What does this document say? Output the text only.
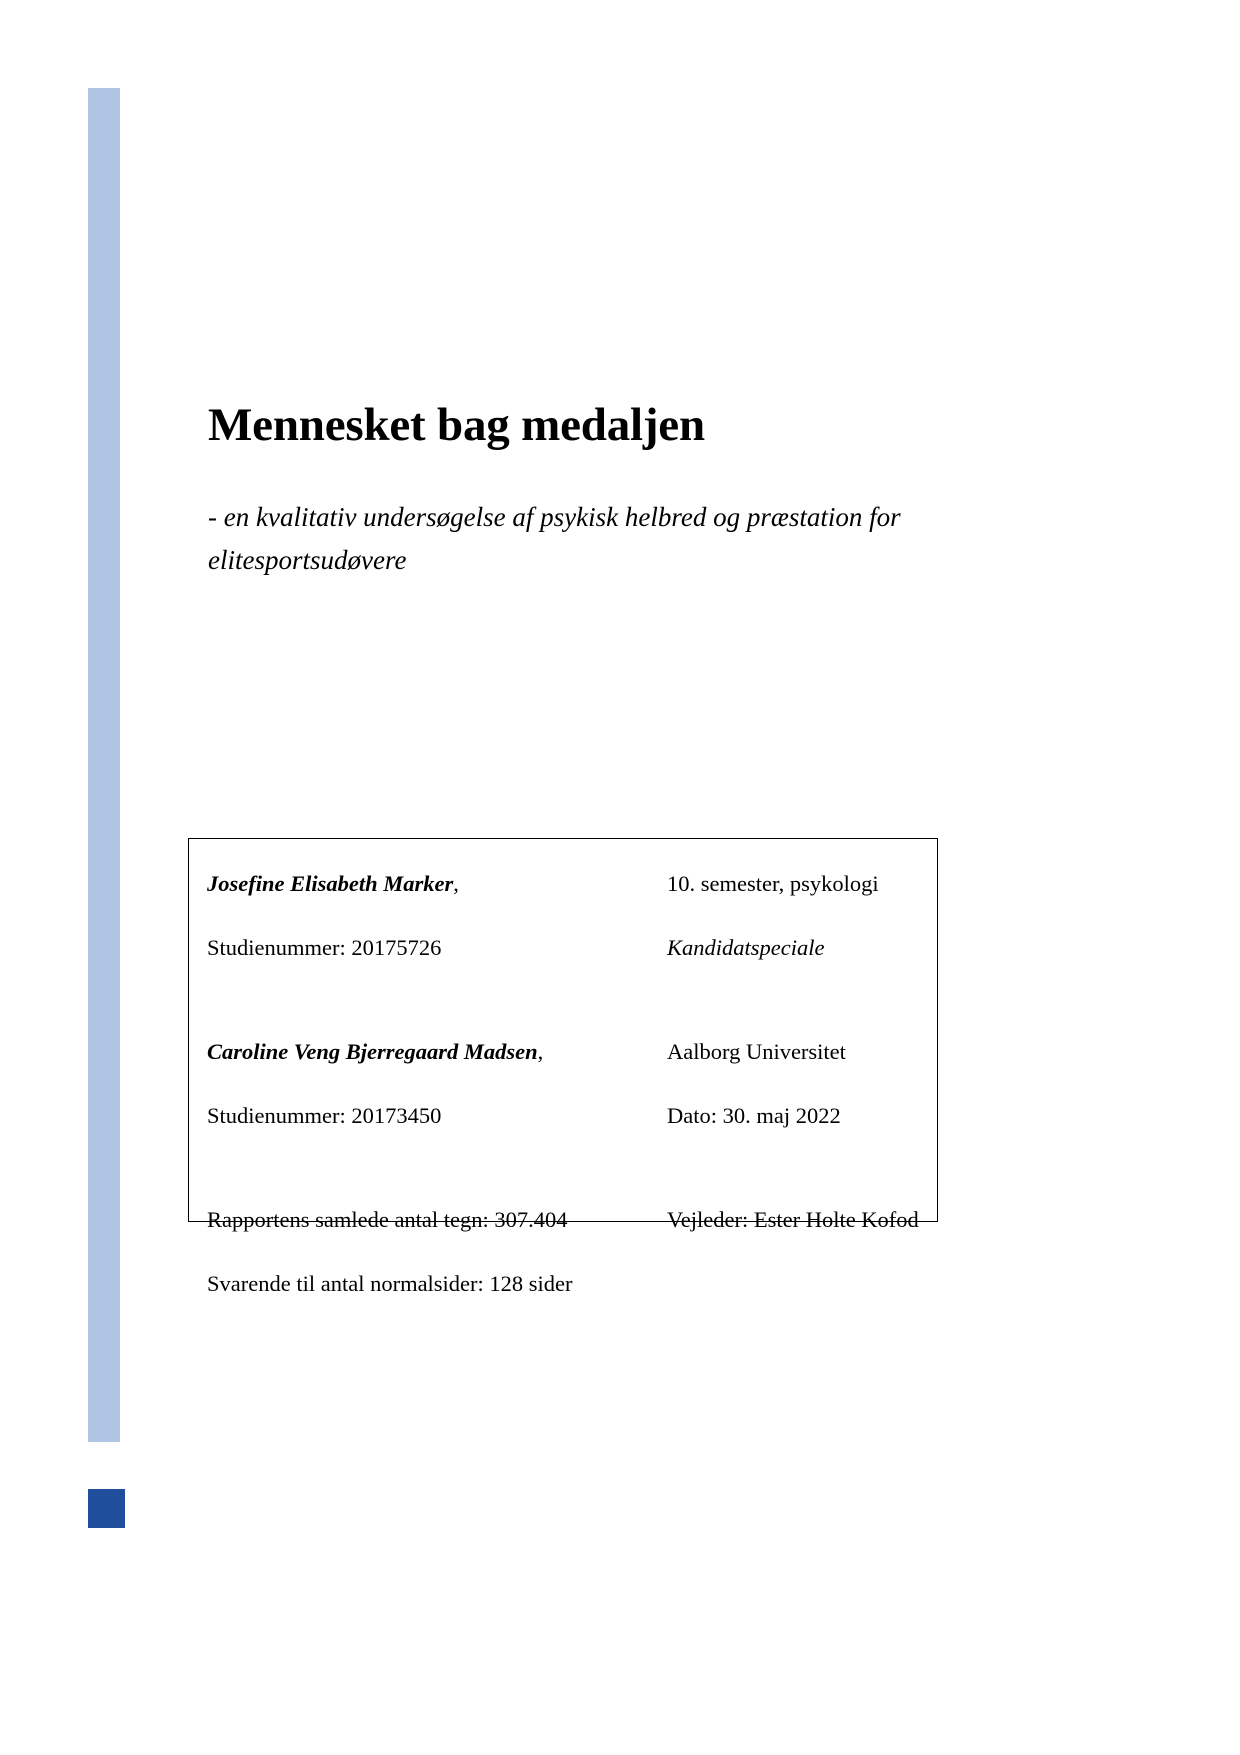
Mennesket bag medaljen

- en kvalitativ undersøgelse af psykisk helbred og præstation for elitesportsudøvere

Josefine Elisabeth Marker,	10. semester, psykologi
Studienummer: 20175726	Kandidatspeciale
Caroline Veng Bjerregaard Madsen,	Aalborg Universitet
Studienummer: 20173450	Dato: 30. maj 2022
Rapportens samlede antal tegn: 307.404	Vejleder: Ester Holte Kofod
Svarende til antal normalsider: 128 sider
